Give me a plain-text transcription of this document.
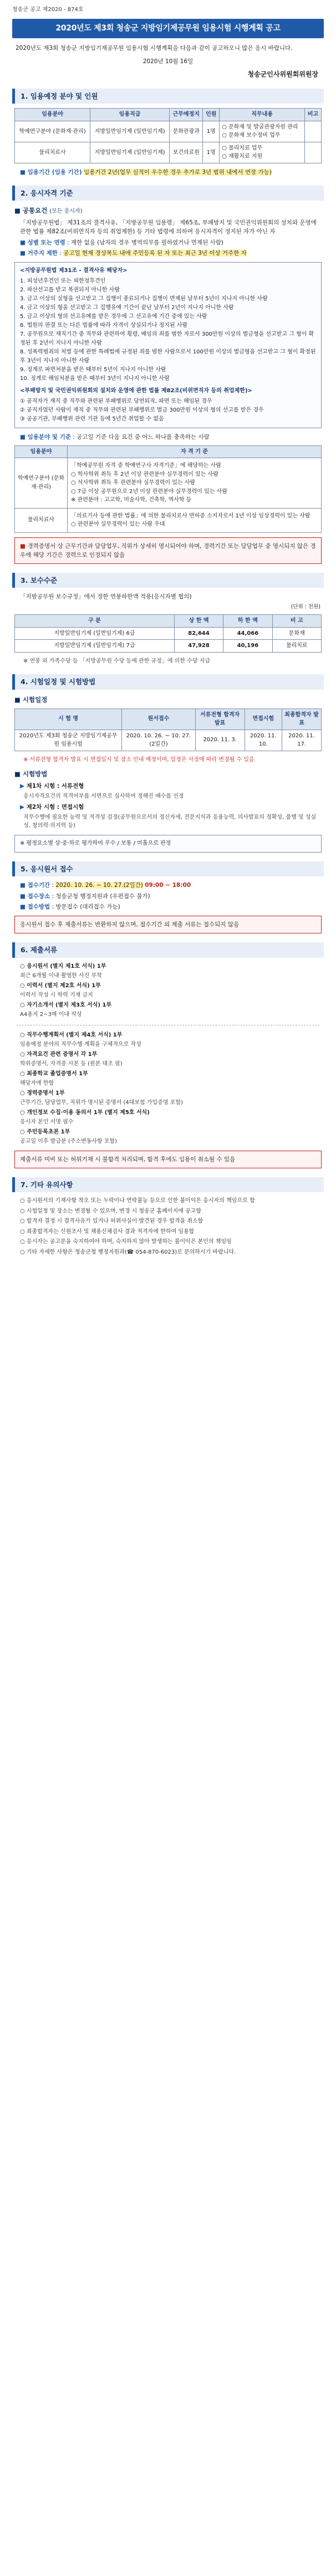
청송군 공고 제2020 - 874호
2020년도 제3회 청송군 지방임기제공무원 임용시험 시행계획 공고

2020년도 제3회 청송군 지방임기제공무원 임용시험 시행계획을 다음과 같이 공고하오니 많은 응시 바랍니다.

2020년 10월 16일

청송군인사위원회위원장

1. 임용예정 분야 및 인원
임용분야	임용직급	근무예정지	인원	직무내용	비고
학예연구분야 (문화재·관리)	지방일반임기제 (일반임기제)	문화관광과	1명	○ 문화재 및 발굴관광자원 관리
○ 문화재 보수정비 업무	
물리치료사	지방일반임기제 (일반임기제)	보건의료원	1명	○ 물리치료 업무
○ 재활치료 지원	

■ 임용기간 (임용 기간) 임용기간 2년(업무 실적이 우수한 경우 추가로 3년 범위 내에서 연장 가능)

2. 응시자격 기준

■ 공통요건 (모든 응시자)

「지방공무원법」 제31조의 결격사유, 「지방공무원 임용령」 제65조, 부패방지 및 국민권익위원회의 설치와 운영에 관한 법률 제82조(비위면직자 등의 취업제한) 등 기타 법령에 의하여 응시자격이 정지된 자가 아닌 자

■ 성별 또는 연령 : 제한 없음 (남자의 경우 병역의무를 필하였거나 면제된 사람)

■ 거주지 제한 : 공고일 현재 경상북도 내에 주민등록 된 자 또는 최근 3년 이상 거주한 자

<지방공무원법 제31조 - 결격사유 해당자>

1. 피성년후견인 또는 피한정후견인

2. 파산선고를 받고 복권되지 아니한 사람

3. 금고 이상의 실형을 선고받고 그 집행이 종료되거나 집행이 면제된 날부터 5년이 지나지 아니한 사람

4. 금고 이상의 형을 선고받고 그 집행유예 기간이 끝난 날부터 2년이 지나지 아니한 사람

5. 금고 이상의 형의 선고유예를 받은 경우에 그 선고유예 기간 중에 있는 사람

6. 법원의 판결 또는 다른 법률에 따라 자격이 상실되거나 정지된 사람

7. 공무원으로 재직기간 중 직무와 관련하여 횡령, 배임의 죄를 범한 자로서 300만원 이상의 벌금형을 선고받고 그 형이 확정된 후 2년이 지나지 아니한 사람

8. 성폭력범죄의 처벌 등에 관한 특례법에 규정된 죄를 범한 사람으로서 100만원 이상의 벌금형을 선고받고 그 형이 확정된 후 3년이 지나지 아니한 사람

9. 징계로 파면처분을 받은 때부터 5년이 지나지 아니한 사람

10. 징계로 해임처분을 받은 때부터 3년이 지나지 아니한 사람

<부패방지 및 국민권익위원회의 설치와 운영에 관한 법률 제82조(비위면직자 등의 취업제한)>

① 공직자가 재직 중 직무와 관련된 부패행위로 당연퇴직, 파면 또는 해임된 경우

② 공직자였던 사람이 재직 중 직무와 관련된 부패행위로 벌금 300만원 이상의 형의 선고를 받은 경우

③ 공공기관, 부패행위 관련 기관 등에 5년간 취업할 수 없음

■ 임용분야 및 기준 : 공고일 기준 다음 요건 중 어느 하나를 충족하는 사람

임용분야	자 격 기 준
학예연구분야 (문화재·관리)	「학예공무원 자격 중 학예연구사 자격기준」에 해당하는 사람
○ 학사학위 취득 후 2년 이상 관련분야 실무경력이 있는 사람
○ 석사학위 취득 후 관련분야 실무경력이 있는 사람
○ 7급 이상 공무원으로 2년 이상 관련분야 실무경력이 있는 사람
※ 관련분야 : 고고학, 미술사학, 건축학, 역사학 등
물리치료사	「의료기사 등에 관한 법률」에 의한 물리치료사 면허증 소지자로서 1년 이상 임상경력이 있는 사람
○ 관련분야 실무경력이 있는 사람 우대
■ 경력증명서 상 근무기간과 담당업무, 직위가 상세히 명시되어야 하며, 경력기간 또는 담당업무 중 명시되지 않은 경우에 해당 기간은 경력으로 인정되지 않음
3. 보수수준

「지방공무원 보수규정」에서 정한 연봉하한액 적용(응시자별 협의)

(단위 : 천원)

구 분	상 한 액	하 한 액	비 고
지방일반임기제 (일반임기제) 6급	82,644	44,066	문화재
지방일반임기제 (일반임기제) 7급	47,928	40,196	물리치료

※ 연봉 외 가족수당 등 「지방공무원 수당 등에 관한 규정」에 의한 수당 지급

4. 시험일정 및 시험방법

■ 시험일정

시 험 명	원서접수	서류전형 합격자 발표	면접시험	최종합격자 발표
2020년도 제3회 청송군 지방임기제공무원 임용시험	2020. 10. 26. ~ 10. 27.(2일간)	2020. 11. 3.	2020. 11. 10.	2020. 11. 17.

※ 서류전형 합격자 발표 시 면접일시 및 장소 안내 예정이며, 일정은 사정에 따라 변경될 수 있음

■ 시험방법

▶ 제1차 시험 : 서류전형

응시자격요건의 적격여부를 서면으로 심사하여 정해진 배수를 선정

▶ 제2차 시험 : 면접시험

직무수행에 필요한 능력 및 적격성 검정(공무원으로서의 정신자세, 전문지식과 응용능력, 의사발표의 정확성, 품행 및 성실성, 창의력·의지력 등)

※ 평정요소별 상·중·하로 평가하여 우수 / 보통 / 미흡으로 판정

5. 응시원서 접수

■ 접수기간 : 2020. 10. 26. ~ 10. 27.(2일간) 09:00 ~ 18:00

■ 접수장소 : 청송군청 행정지원과 (우편접수 불가)

■ 접수방법 : 방문접수 (대리접수 가능)

응시원서 접수 후 제출서류는 반환하지 않으며, 접수기간 외 제출 서류는 접수되지 않음
6. 제출서류

○ 응시원서 (별지 제1호 서식) 1부

최근 6개월 이내 촬영한 사진 부착

○ 이력서 (별지 제2호 서식) 1부

이력서 작성 시 학력 기재 금지

○ 자기소개서 (별지 제3호 서식) 1부

A4용지 2~3매 이내 작성

○ 직무수행계획서 (별지 제4호 서식) 1부

임용예정 분야의 직무수행 계획을 구체적으로 작성

○ 자격요건 관련 증명서 각 1부

학위증명서, 자격증 사본 등 (원본 대조 필)

○ 최종학교 졸업증명서 1부

해당자에 한함

○ 경력증명서 1부

근무기간, 담당업무, 직위가 명시된 증명서 (4대보험 가입증명 포함)

○ 개인정보 수집·이용 동의서 1부 (별지 제5호 서식)

응시자 본인 서명 필수

○ 주민등록초본 1부

공고일 이후 발급분 (주소변동사항 포함)

제출서류 미비 또는 허위기재 시 불합격 처리되며, 합격 후에도 임용이 취소될 수 있음
7. 기타 유의사항

○ 응시원서의 기재사항 착오 또는 누락이나 연락불능 등으로 인한 불이익은 응시자의 책임으로 함

○ 시험일정 및 장소는 변경될 수 있으며, 변경 시 청송군 홈페이지에 공고함

○ 합격자 결정 시 결격사유가 있거나 허위사실이 발견된 경우 합격을 취소함

○ 최종합격자는 신원조사 및 채용신체검사 결과 적격자에 한하여 임용함

○ 응시자는 공고문을 숙지하여야 하며, 숙지하지 않아 발생하는 불이익은 본인의 책임임

○ 기타 자세한 사항은 청송군청 행정지원과(☎ 054-870-6023)로 문의하시기 바랍니다.
